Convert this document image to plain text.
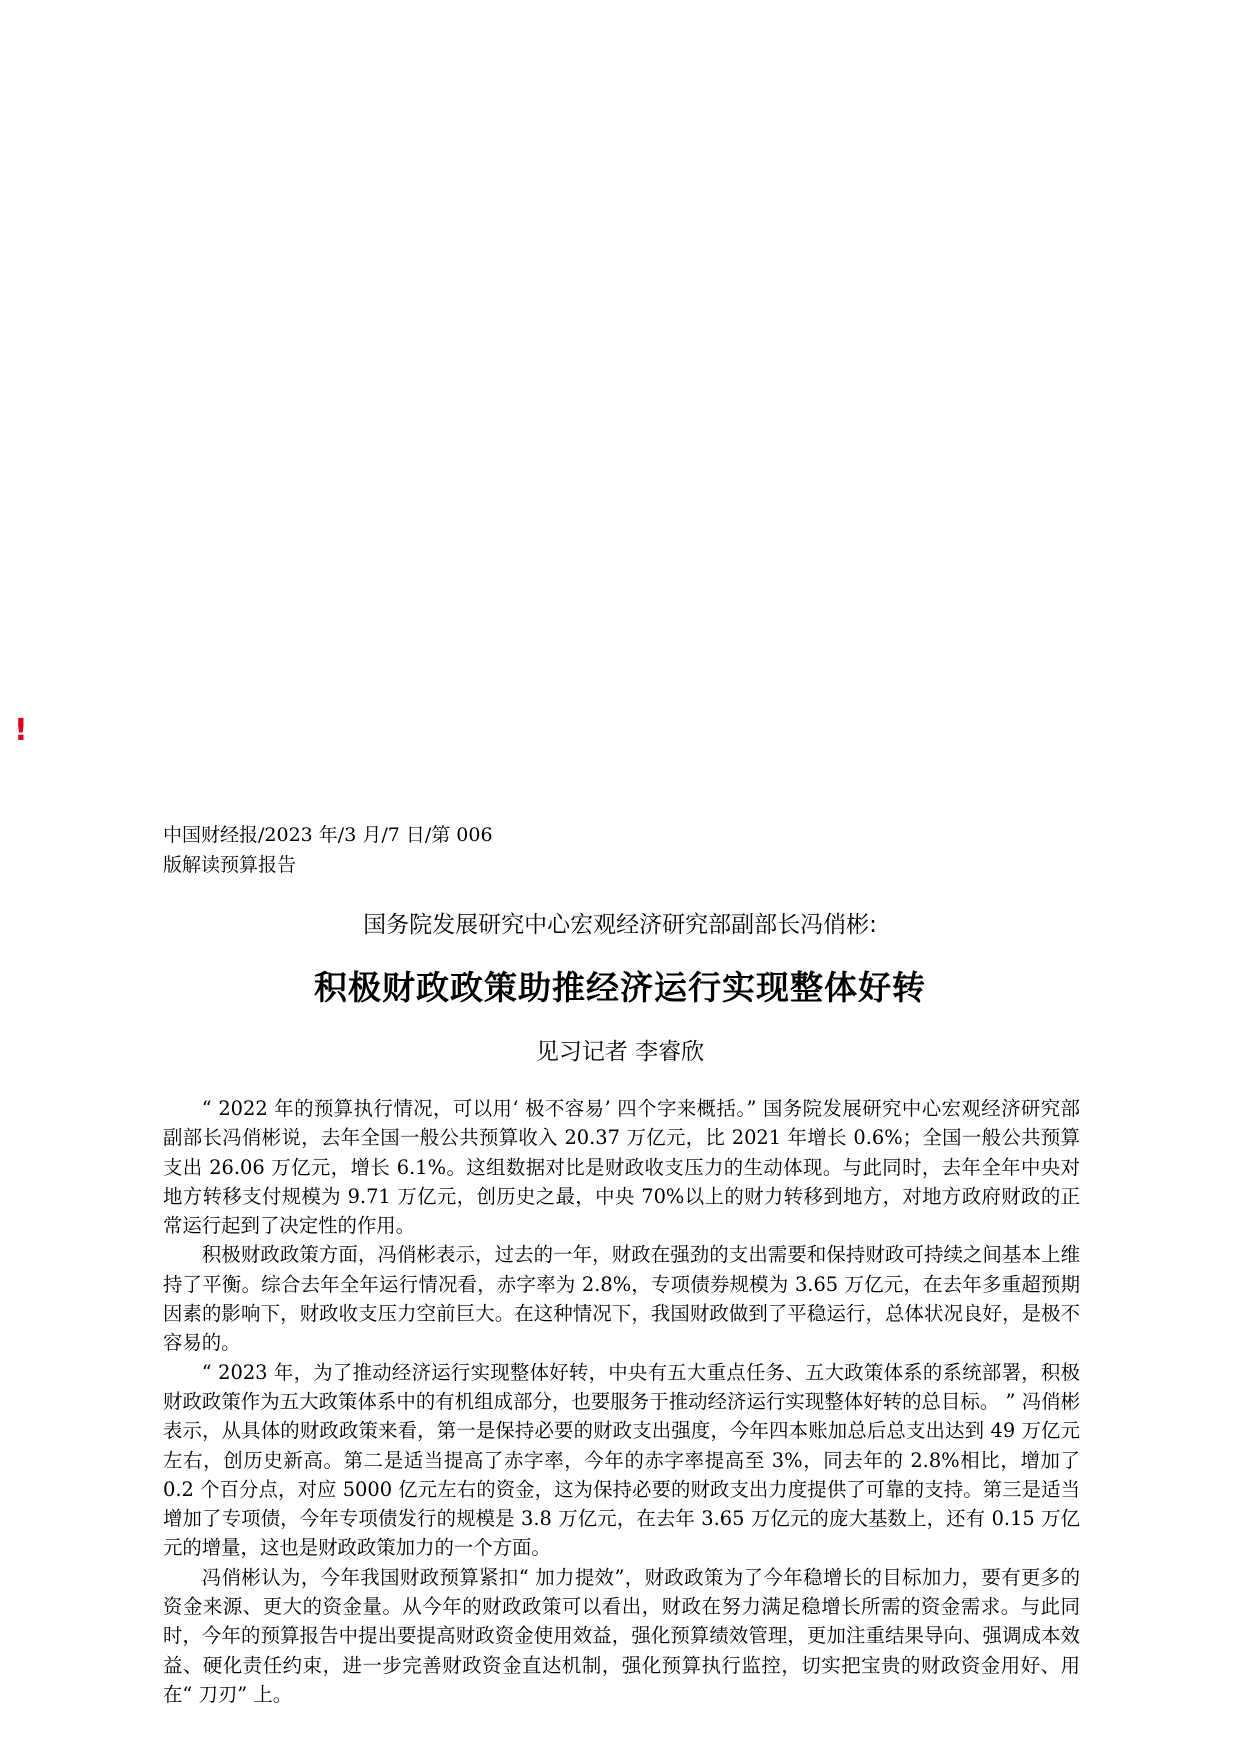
!
中国财经报/2023 年/3 月/7 日/第 006
版解读预算报告
国务院发展研究中心宏观经济研究部副部长冯俏彬:
积极财政政策助推经济运行实现整体好转
见习记者 李睿欣

“ 2022 年的预算执行情况，可以用‘ 极不容易’ 四个字来概括。” 国务院发展研究中心宏观经济研究部副部长冯俏彬说，去年全国一般公共预算收入 20.37 万亿元，比 2021 年增长 0.6%；全国一般公共预算支出 26.06 万亿元，增长 6.1%。这组数据对比是财政收支压力的生动体现。与此同时，去年全年中央对地方转移支付规模为 9.71 万亿元，创历史之最，中央 70%以上的财力转移到地方，对地方政府财政的正常运行起到了决定性的作用。

积极财政政策方面，冯俏彬表示，过去的一年，财政在强劲的支出需要和保持财政可持续之间基本上维持了平衡。综合去年全年运行情况看，赤字率为 2.8%，专项债券规模为 3.65 万亿元，在去年多重超预期因素的影响下，财政收支压力空前巨大。在这种情况下，我国财政做到了平稳运行，总体状况良好，是极不容易的。

“ 2023 年，为了推动经济运行实现整体好转，中央有五大重点任务、五大政策体系的系统部署，积极财政政策作为五大政策体系中的有机组成部分，也要服务于推动经济运行实现整体好转的总目标。 ” 冯俏彬表示，从具体的财政政策来看，第一是保持必要的财政支出强度，今年四本账加总后总支出达到 49 万亿元左右，创历史新高。第二是适当提高了赤字率，今年的赤字率提高至 3%，同去年的 2.8%相比，增加了 0.2 个百分点，对应 5000 亿元左右的资金，这为保持必要的财政支出力度提供了可靠的支持。第三是适当增加了专项债，今年专项债发行的规模是 3.8 万亿元，在去年 3.65 万亿元的庞大基数上，还有 0.15 万亿元的增量，这也是财政政策加力的一个方面。

冯俏彬认为，今年我国财政预算紧扣“ 加力提效”，财政政策为了今年稳增长的目标加力，要有更多的资金来源、更大的资金量。从今年的财政政策可以看出，财政在努力满足稳增长所需的资金需求。与此同时，今年的预算报告中提出要提高财政资金使用效益，强化预算绩效管理，更加注重结果导向、强调成本效益、硬化责任约束，进一步完善财政资金直达机制，强化预算执行监控，切实把宝贵的财政资金用好、用在“ 刀刃” 上。
